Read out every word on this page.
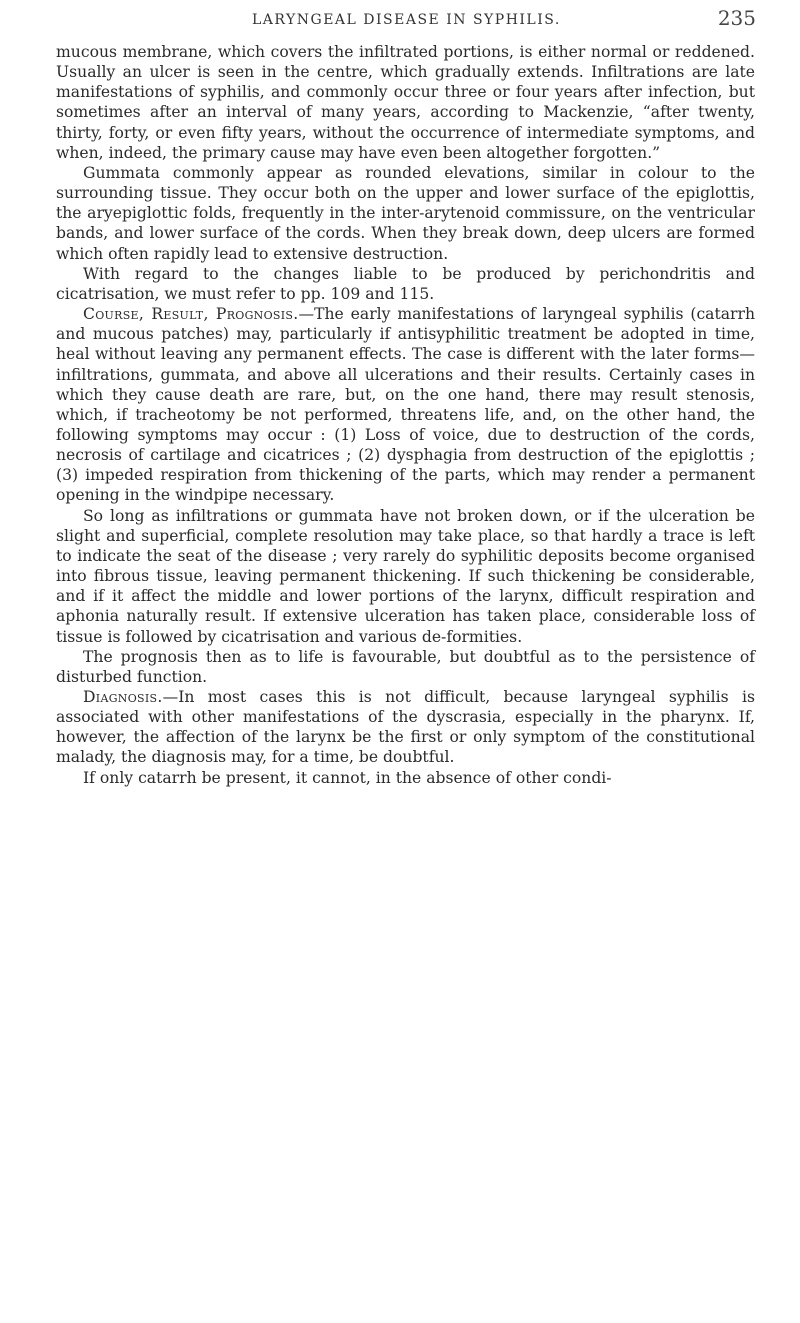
LARYNGEAL DISEASE IN SYPHILIS.	235

mucous membrane, which covers the infiltrated portions, is either normal or reddened. Usually an ulcer is seen in the centre, which gradually extends. Infiltrations are late manifestations of syphilis, and commonly occur three or four years after infection, but sometimes after an interval of many years, according to Mackenzie, “after twenty, thirty, forty, or even fifty years, without the occurrence of intermediate symptoms, and when, indeed, the primary cause may have even been altogether forgotten.”

Gummata commonly appear as rounded elevations, similar in colour to the surrounding tissue. They occur both on the upper and lower surface of the epiglottis, the aryepiglottic folds, frequently in the inter-arytenoid commissure, on the ventricular bands, and lower surface of the cords. When they break down, deep ulcers are formed which often rapidly lead to extensive destruction.

With regard to the changes liable to be produced by perichondritis and cicatrisation, we must refer to pp. 109 and 115.

Course, Result, Prognosis.—The early manifestations of laryngeal syphilis (catarrh and mucous patches) may, particularly if antisyphilitic treatment be adopted in time, heal without leaving any permanent effects. The case is different with the later forms—infiltrations, gummata, and above all ulcerations and their results. Certainly cases in which they cause death are rare, but, on the one hand, there may result stenosis, which, if tracheotomy be not performed, threatens life, and, on the other hand, the following symptoms may occur : (1) Loss of voice, due to destruction of the cords, necrosis of cartilage and cicatrices ; (2) dysphagia from destruction of the epiglottis ; (3) impeded respiration from thickening of the parts, which may render a permanent opening in the windpipe necessary.

So long as infiltrations or gummata have not broken down, or if the ulceration be slight and superficial, complete resolution may take place, so that hardly a trace is left to indicate the seat of the disease ; very rarely do syphilitic deposits become organised into fibrous tissue, leaving permanent thickening. If such thickening be considerable, and if it affect the middle and lower portions of the larynx, difficult respiration and aphonia naturally result. If extensive ulceration has taken place, considerable loss of tissue is followed by cicatrisation and various de-formities.

The prognosis then as to life is favourable, but doubtful as to the persistence of disturbed function.

Diagnosis.—In most cases this is not difficult, because laryngeal syphilis is associated with other manifestations of the dyscrasia, especially in the pharynx. If, however, the affection of the larynx be the first or only symptom of the constitutional malady, the diagnosis may, for a time, be doubtful.

If only catarrh be present, it cannot, in the absence of other condi-
